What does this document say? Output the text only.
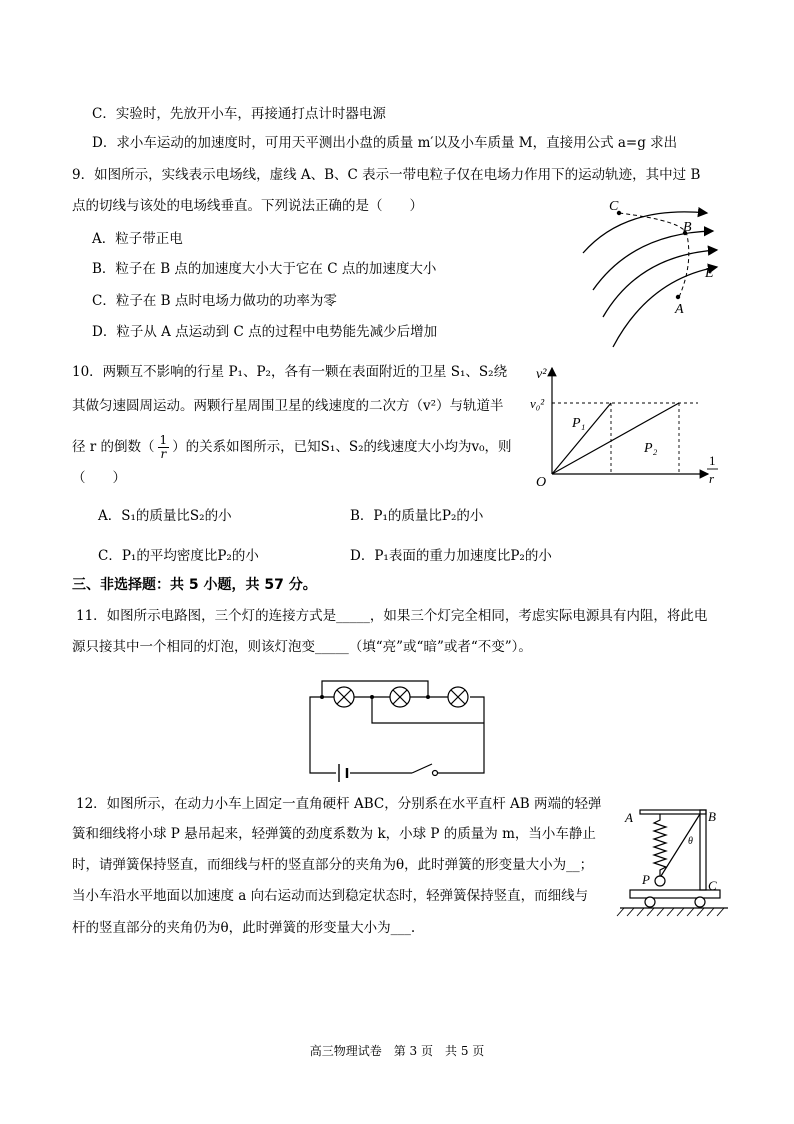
C．实验时，先放开小车，再接通打点计时器电源
D．求小车运动的加速度时，可用天平测出小盘的质量 m′以及小车质量 M，直接用公式 a=g 求出
9．如图所示，实线表示电场线，虚线 A、B、C 表示一带电粒子仅在电场力作用下的运动轨迹，其中过 B
点的切线与该处的电场线垂直。下列说法正确的是（　　）
A．粒子带正电
B．粒子在 B 点的加速度大小大于它在 C 点的加速度大小
C．粒子在 B 点时电场力做功的功率为零
D．粒子从 A 点运动到 C 点的过程中电势能先减少后增加
C
B
E
A
10．两颗互不影响的行星 P₁、P₂，各有一颗在表面附近的卫星 S₁、S₂绕
其做匀速圆周运动。两颗行星周围卫星的线速度的二次方（v²）与轨道半
径 r 的倒数（ $\frac{1}{r}$ ）的关系如图所示，已知S₁、S₂的线速度大小均为v₀，则
（　　）
A．S₁的质量比S₂的小	B．P₁的质量比P₂的小
C．P₁的平均密度比P₂的小	D．P₁表面的重力加速度比P₂的小
v²
v₀²
P₁
P₂
O
1
r
三、非选择题：共 5 小题，共 57 分。
11．如图所示电路图，三个灯的连接方式是_____，如果三个灯完全相同，考虑实际电源具有内阻，将此电
源只接其中一个相同的灯泡，则该灯泡变_____（填“亮”或“暗”或者“不变”）。
12．如图所示，在动力小车上固定一直角硬杆 ABC，分别系在水平直杆 AB 两端的轻弹
簧和细线将小球 P 悬吊起来，轻弹簧的劲度系数为 k，小球 P 的质量为 m，当小车静止
时，请弹簧保持竖直，而细线与杆的竖直部分的夹角为θ，此时弹簧的形变量大小为__；
当小车沿水平地面以加速度 a 向右运动而达到稳定状态时，轻弹簧保持竖直，而细线与
杆的竖直部分的夹角仍为θ，此时弹簧的形变量大小为___.
A	B
C
P
θ
高三物理试卷　第 3 页　共 5 页
